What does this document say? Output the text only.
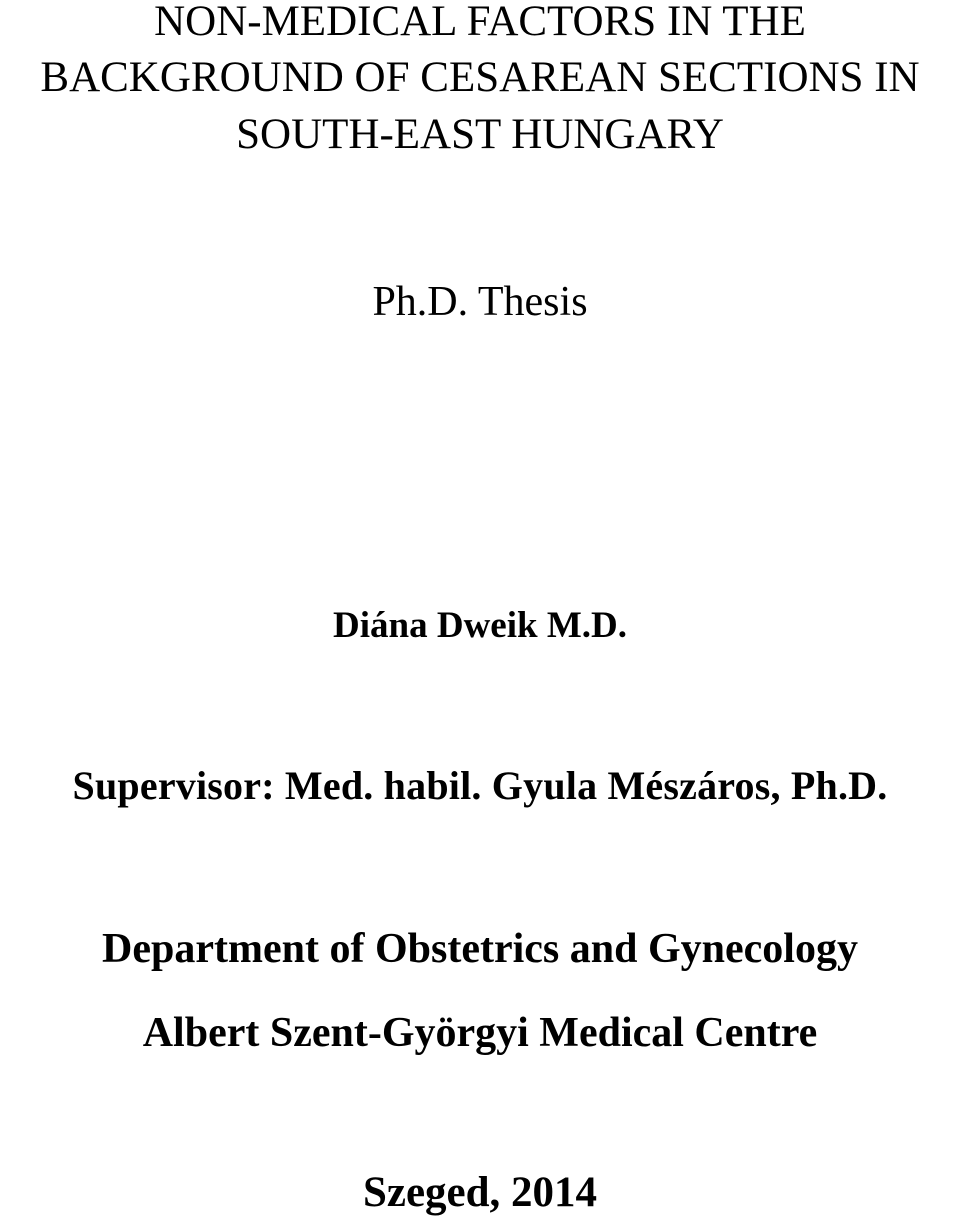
NON-MEDICAL FACTORS IN THE
BACKGROUND OF CESAREAN SECTIONS IN
SOUTH-EAST HUNGARY
Ph.D. Thesis
Diána Dweik M.D.
Supervisor: Med. habil. Gyula Mészáros, Ph.D.
Department of Obstetrics and Gynecology
Albert Szent-Györgyi Medical Centre
Szeged, 2014
